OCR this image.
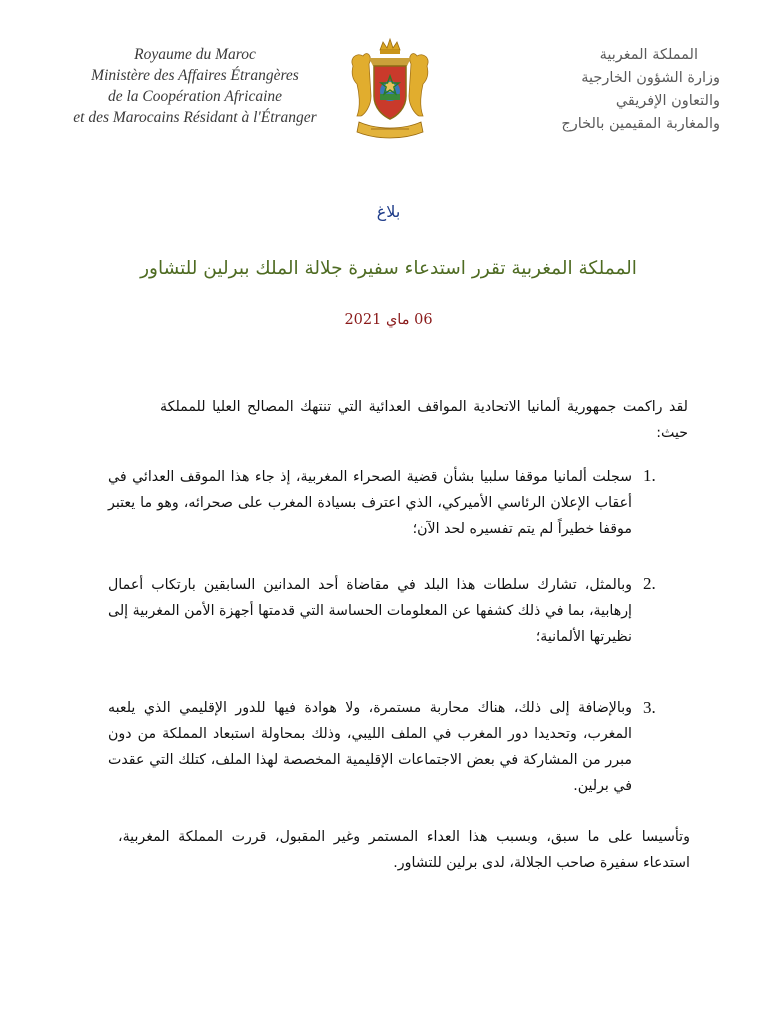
Royaume du Maroc
Ministère des Affaires Étrangères
de la Coopération Africaine
et des Marocains Résidant à l'Étranger
المملكة المغربية
وزارة الشؤون الخارجية
والتعاون الإفريقي
والمغاربة المقيمين بالخارج
بلاغ
المملكة المغربية تقرر استدعاء سفيرة جلالة الملك ببرلين للتشاور
06 ماي 2021
لقد راكمت جمهورية ألمانيا الاتحادية المواقف العدائية التي تنتهك المصالح العليا للمملكة حيث:
1.
سجلت ألمانيا موقفا سلبيا بشأن قضية الصحراء المغربية، إذ جاء هذا الموقف العدائي في أعقاب الإعلان الرئاسي الأميركي، الذي اعترف بسيادة المغرب على صحرائه، وهو ما يعتبر موقفا خطيراً لم يتم تفسيره لحد الآن؛
2.
وبالمثل، تشارك سلطات هذا البلد في مقاضاة أحد المدانين السابقين بارتكاب أعمال إرهابية، بما في ذلك كشفها عن المعلومات الحساسة التي قدمتها أجهزة الأمن المغربية إلى نظيرتها الألمانية؛
3.
وبالإضافة إلى ذلك، هناك محاربة مستمرة، ولا هوادة فيها للدور الإقليمي الذي يلعبه المغرب، وتحديدا دور المغرب في الملف الليبي، وذلك بمحاولة استبعاد المملكة من دون مبرر من المشاركة في بعض الاجتماعات الإقليمية المخصصة لهذا الملف، كتلك التي عقدت في برلين.
وتأسيسا على ما سبق، وبسبب هذا العداء المستمر وغير المقبول، قررت المملكة المغربية، استدعاء سفيرة صاحب الجلالة، لدى برلين للتشاور.
